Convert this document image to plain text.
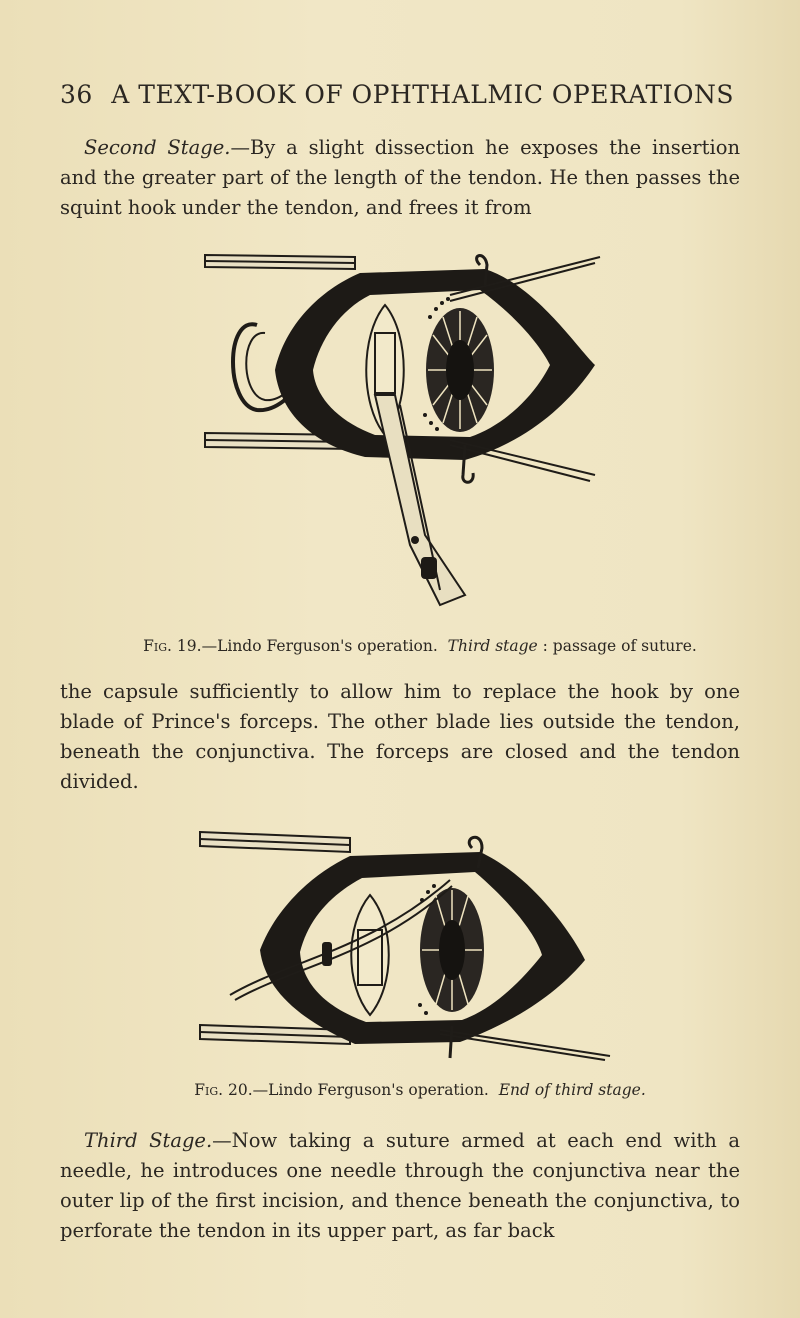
36 A TEXT-BOOK OF OPHTHALMIC OPERATIONS

Second Stage.—By a slight dissection he exposes the insertion and the greater part of the length of the tendon. He then passes the squint hook under the tendon, and frees it from

Fig. 19.—Lindo Ferguson's operation. Third stage : passage of suture.

the capsule sufficiently to allow him to replace the hook by one blade of Prince's forceps. The other blade lies outside the tendon, beneath the conjunctiva. The forceps are closed and the tendon divided.

Fig. 20.—Lindo Ferguson's operation. End of third stage.

Third Stage.—Now taking a suture armed at each end with a needle, he introduces one needle through the conjunctiva near the outer lip of the first incision, and thence beneath the conjunctiva, to perforate the tendon in its upper part, as far back
